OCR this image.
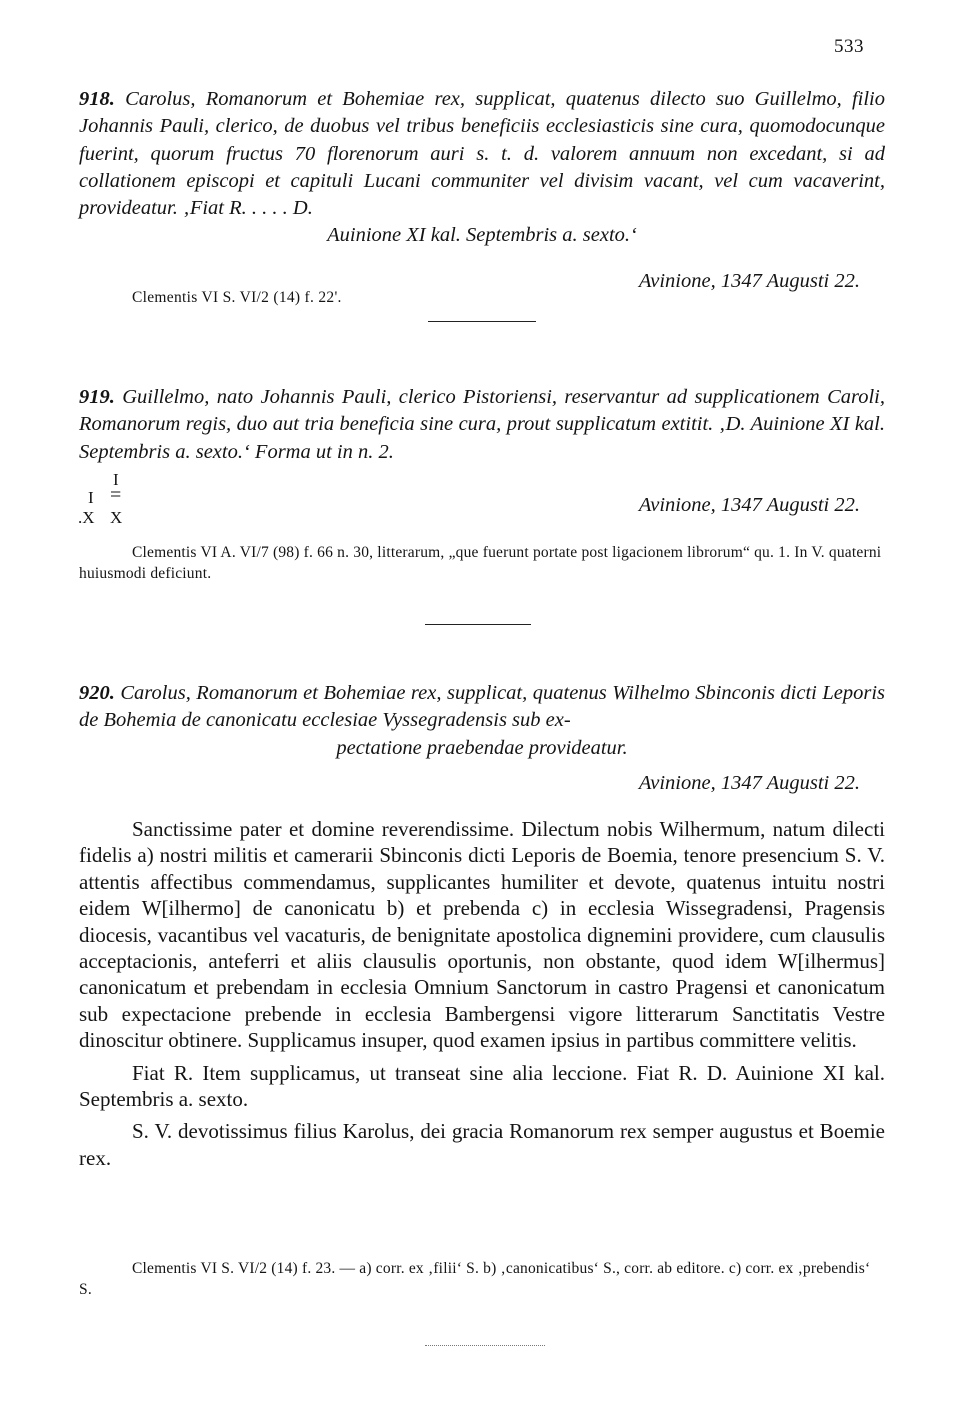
533
918. Carolus, Romanorum et Bohemiae rex, supplicat, quatenus dilecto suo Guillelmo, filio Johannis Pauli, clerico, de duobus vel tribus beneficiis ecclesiasticis sine cura, quomodocunque fuerint, quorum fructus 70 florenorum auri s. t. d. valorem annuum non excedant, si ad collationem episcopi et capituli Lucani communiter vel divisim vacant, vel cum vacaverint, provideatur. ‚Fiat R. . . . . D.
Auinione XI kal. Septembris a. sexto.‘
Avinione, 1347 Augusti 22.
Clementis VI S. VI/2 (14) f. 22'.
919. Guillelmo, nato Johannis Pauli, clerico Pistoriensi, reservantur ad supplicationem Caroli, Romanorum regis, duo aut tria beneficia sine cura, prout supplicatum extitit. ‚D. Auinione XI kal. Septembris a. sexto.‘ Forma ut in n. 2.
I
I =
.X X
Avinione, 1347 Augusti 22.
Clementis VI A. VI/7 (98) f. 66 n. 30, litterarum, „que fuerunt portate post ligacionem librorum“ qu. 1. In V. quaterni huiusmodi deficiunt.
920. Carolus, Romanorum et Bohemiae rex, supplicat, quatenus Wilhelmo Sbinconis dicti Leporis de Bohemia de canonicatu ecclesiae Vyssegradensis sub ex-
pectatione praebendae provideatur.
Avinione, 1347 Augusti 22.

Sanctissime pater et domine reverendissime. Dilectum nobis Wilhermum, natum dilecti fidelis a) nostri militis et camerarii Sbinconis dicti Leporis de Boemia, tenore presencium S. V. attentis affectibus commendamus, supplicantes humiliter et devote, quatenus intuitu nostri eidem W[ilhermo] de canonicatu b) et prebenda c) in ecclesia Wissegradensi, Pragensis diocesis, vacantibus vel vacaturis, de benignitate apostolica dignemini providere, cum clausulis acceptacionis, anteferri et aliis clausulis oportunis, non obstante, quod idem W[ilhermus] canonicatum et prebendam in ecclesia Omnium Sanctorum in castro Pragensi et canonicatum sub expectacione prebende in ecclesia Bambergensi vigore litterarum Sanctitatis Vestre dinoscitur obtinere. Supplicamus insuper, quod examen ipsius in partibus committere velitis.

Fiat R. Item supplicamus, ut transeat sine alia leccione. Fiat R. D. Auinione XI kal. Septembris a. sexto.

S. V. devotissimus filius Karolus, dei gracia Romanorum rex semper augustus et Boemie rex.

Clementis VI S. VI/2 (14) f. 23. — a) corr. ex ‚filii‘ S. b) ‚canonicatibus‘ S., corr. ab editore. c) corr. ex ‚prebendis‘ S.
